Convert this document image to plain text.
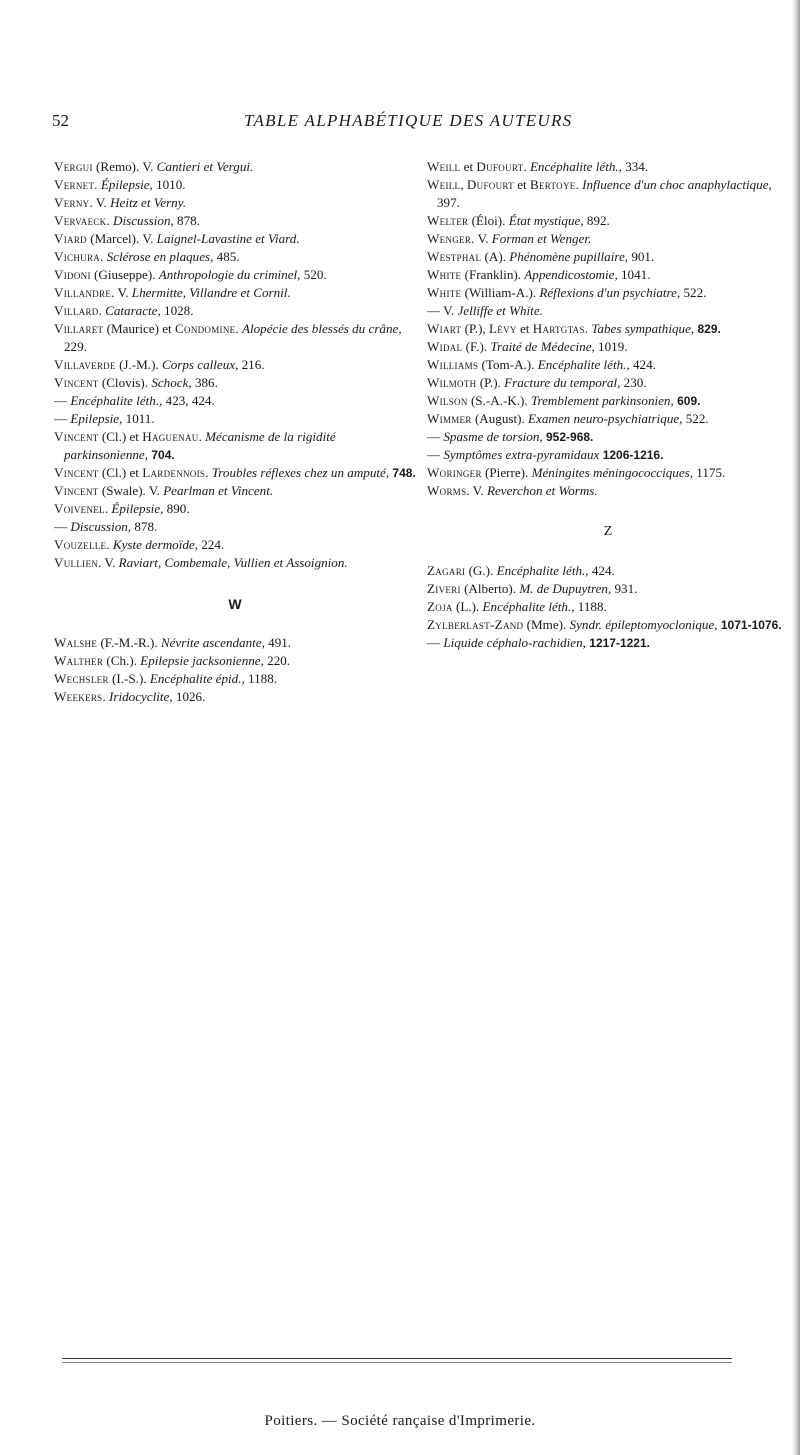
52	TABLE ALPHABÉTIQUE DES AUTEURS

Vergui (Remo). V. Cantieri et Vergui.

Vernet. Épilepsie, 1010.

Verny. V. Heitz et Verny.

Vervaeck. Discussion, 878.

Viard (Marcel). V. Laignel-Lavastine et Viard.

Vichura. Sclérose en plaques, 485.

Vidoni (Giuseppe). Anthropologie du criminel, 520.

Villandre. V. Lhermitte, Villandre et Cornil.

Villard. Cataracte, 1028.

Villaret (Maurice) et Condomine. Alopécie des blessés du crâne, 229.

Villaverde (J.-M.). Corps calleux, 216.

Vincent (Clovis). Schock, 386.

— Encéphalite léth., 423, 424.

— Epilepsie, 1011.

Vincent (Cl.) et Haguenau. Mécanisme de la rigidité parkinsonienne, 704.

Vincent (Cl.) et Lardennois. Troubles réflexes chez un amputé, 748.

Vincent (Swale). V. Pearlman et Vincent.

Voivenel. Épilepsie, 890.

— Discussion, 878.

Vouzelle. Kyste dermoïde, 224.

Vullien. V. Raviart, Combemale, Vullien et Assoignion.

W

Walshe (F.-M.-R.). Névrite ascendante, 491.

Walther (Ch.). Epilepsie jacksonienne, 220.

Wechsler (I.-S.). Encéphalite épid., 1188.

Weekers. Iridocyclite, 1026.

Weill et Dufourt. Encéphalite léth., 334.

Weill, Dufourt et Bertoye. Influence d'un choc anaphylactique, 397.

Welter (Éloi). État mystique, 892.

Wenger. V. Forman et Wenger.

Westphal (A). Phénomène pupillaire, 901.

White (Franklin). Appendicostomie, 1041.

White (William-A.). Réflexions d'un psychiatre, 522.

— V. Jelliffe et White.

Wiart (P.), Lévy et Hartgtas. Tabes sympathique, 829.

Widal (F.). Traité de Médecine, 1019.

Williams (Tom-A.). Encéphalite léth., 424.

Wilmoth (P.). Fracture du temporal, 230.

Wilson (S.-A.-K.). Tremblement parkinsonien, 609.

Wimmer (August). Examen neuro-psychiatrique, 522.

— Spasme de torsion, 952-968.

— Symptômes extra-pyramidaux 1206-1216.

Woringer (Pierre). Méningites méningococciques, 1175.

Worms. V. Reverchon et Worms.

Z

Zagari (G.). Encéphalite léth., 424.

Ziveri (Alberto). M. de Dupuytren, 931.

Zoja (L.). Encéphalite léth., 1188.

Zylberlast-Zand (Mme). Syndr. épileptomyoclonique, 1071-1076.

— Liquide céphalo-rachidien, 1217-1221.

Poitiers. — Société rançaise d'Imprimerie.
